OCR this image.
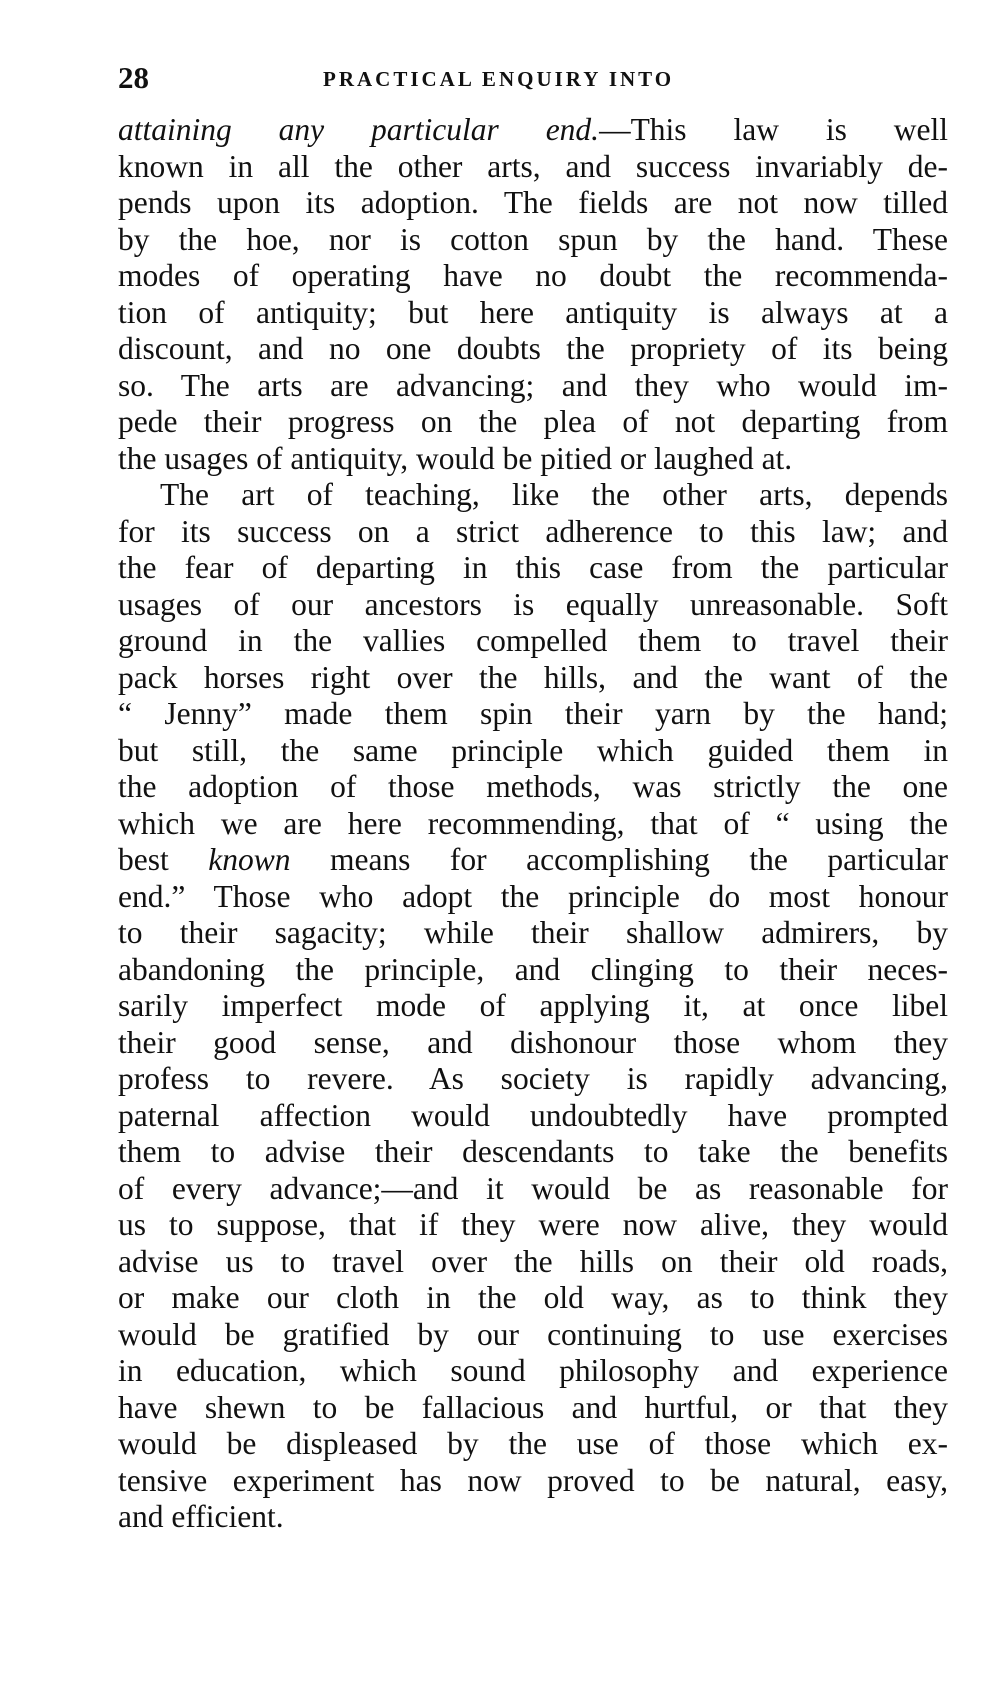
28	PRACTICAL ENQUIRY INTO
attaining any particular end.—This law is well
known in all the other arts, and success invariably de-
pends upon its adoption. The fields are not now tilled
by the hoe, nor is cotton spun by the hand. These
modes of operating have no doubt the recommenda-
tion of antiquity; but here antiquity is always at a
discount, and no one doubts the propriety of its being
so. The arts are advancing; and they who would im-
pede their progress on the plea of not departing from
the usages of antiquity, would be pitied or laughed at.
The art of teaching, like the other arts, depends
for its success on a strict adherence to this law; and
the fear of departing in this case from the particular
usages of our ancestors is equally unreasonable. Soft
ground in the vallies compelled them to travel their
pack horses right over the hills, and the want of the
“ Jenny” made them spin their yarn by the hand;
but still, the same principle which guided them in
the adoption of those methods, was strictly the one
which we are here recommending, that of “ using the
best known means for accomplishing the particular
end.” Those who adopt the principle do most honour
to their sagacity; while their shallow admirers, by
abandoning the principle, and clinging to their neces-
sarily imperfect mode of applying it, at once libel
their good sense, and dishonour those whom they
profess to revere. As society is rapidly advancing,
paternal affection would undoubtedly have prompted
them to advise their descendants to take the benefits
of every advance;—and it would be as reasonable for
us to suppose, that if they were now alive, they would
advise us to travel over the hills on their old roads,
or make our cloth in the old way, as to think they
would be gratified by our continuing to use exercises
in education, which sound philosophy and experience
have shewn to be fallacious and hurtful, or that they
would be displeased by the use of those which ex-
tensive experiment has now proved to be natural, easy,
and efficient.
